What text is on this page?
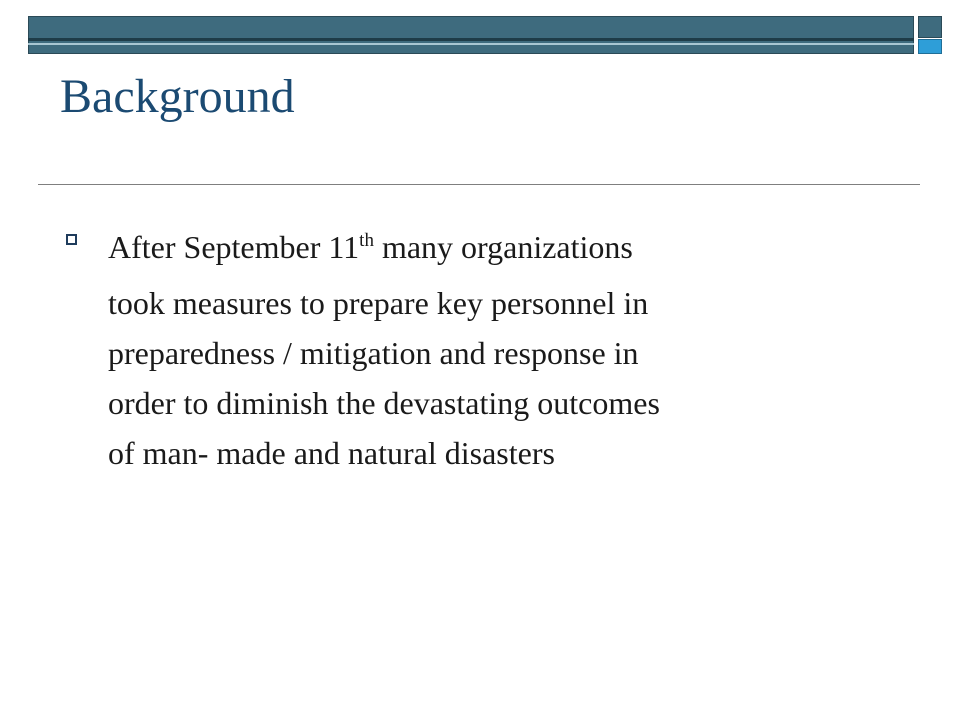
Background
After September 11th many organizations
took measures to prepare key personnel in
preparedness / mitigation and response in
order to diminish the devastating outcomes
of man- made and natural disasters
